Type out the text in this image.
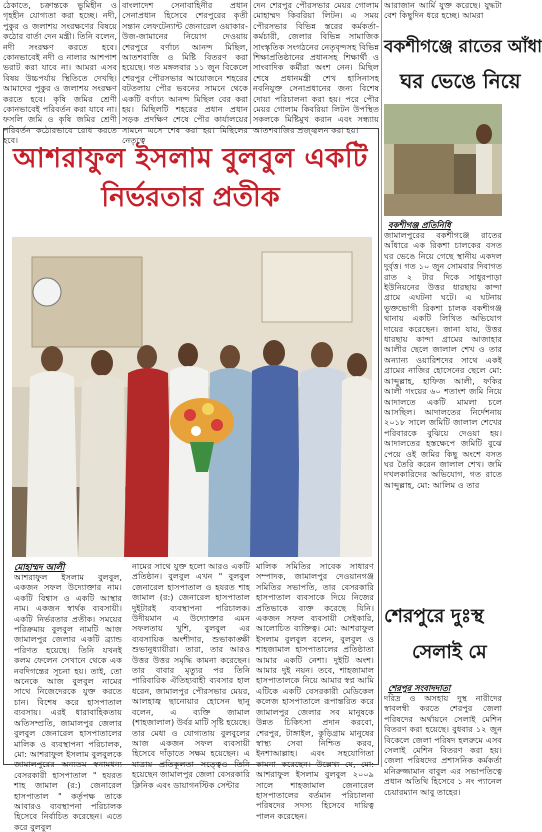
ঠেকাতে, চক্রান্তকে ভুমিহীন ও গৃহহীন যোগ্যতা করা হচ্ছে। নদী, পুকুর ও জলাশয় সংরক্ষণের বিষয়ে কঠোর বার্তা দেন মন্ত্রী। তিনি বলেন, নদী সংরক্ষণ করতে হবে। কোনভাবেই নদী ও নালার আশপাশ ভরাট করা যাবে না। আমরা এসব বিষয় উচ্চপর্যায় স্থিতিতে দেখছি। আমাদের পুকুর ও জলাশয় সংরক্ষণ করতে হবে। কৃষি জমির শ্রেণী কোনভাবেই পরিবর্তন করা যাবে না। ফসলি জমি ও কৃষি জমির শ্রেণী পরিবর্তন কঠোরভাবে রোধ করতে হবে।
বাংলাদেশ সেনাবাহিনীর প্রধান সেনাপ্রধান হিসেবে শেরপুরের কৃতী সন্তান লেফটেন্যান্ট জেনারেল ওয়াকার-উজ-জামানের নিয়োগ দেওয়ায় শেরপুরে বর্ণাঢ্য আনন্দ মিছিল, আতশবাজি ও মিষ্টি বিতরণ করা হয়েছে। গত মঙ্গলবার ১১ জুন বিকেলে শেরপুর পৌরসভার আয়োজনে শহরের বটতলায় পৌর ভবনের সামনে থেকে একটি বর্ণাঢ্য আনন্দ মিছিল বের করা হয়। মিছিলটি শহরের প্রধান প্রধান সড়ক প্রদক্ষিণ শেষে পৌর কার্যালয়ের সামনে এসে শেষ করা হয়। মিছিলের নেতৃত্বে
দেন শেরপুর পৌরসভার মেয়র গোলাম মোহাম্মদ কিবরিয়া লিটন। এ সময় পৌরসভার বিভিন্ন স্তরের কর্মকর্তা-কর্মচারী, জেলার বিভিন্ন সামাজিক সাংস্কৃতিক সংগঠনের নেতৃবৃন্দসহ বিভিন্ন শিক্ষাপ্রতিষ্ঠানের প্রধানসহ শিক্ষার্থী ও সাংবাদিক কর্মীরা অংশ নেন। মিছিল শেষে প্রধানমন্ত্রী শেখ হাসিনাসহ নবনিযুক্ত সেনাপ্রধানের জন্য বিশেষ দোয়া পরিচালনা করা হয়। পরে পৌর মেয়র গোলাম কিবরিয়া লিটন উপস্থিত সকলকে মিষ্টিমুখ করান এবং সন্ধ্যায় আতশবাজির প্রজ্জ্বলন করা হয়।
আশরাফুল ইসলাম বুলবুল একটি
নির্ভরতার প্রতীক
মোহাম্মদ আলী
আশরাফুল ইসলাম বুলবুল, একজন সফল উদ্যোক্তার নাম। একটি বিশ্বাস ও একটি আস্থার নাম। একজন স্বার্থক ব্যবসায়ী। একটি নির্ভরতার প্রতীক। সময়ের পরিক্রমায় বুলবুল নামটি আজ জামালপুর জেলার একটি ব্র্যান্ড পরিণত হয়েছে। তিনি যখনই কলম ফেলেন সেখানে থেকে এক নবদিগন্তের সূচনা হয়। তাই, তো অনেকে আজ বুলবুল নামের সাথে নিজেদেরকে যুক্ত করতে চান। বিশেষ করে হাসপাতাল ব্যবসায়। এরই ধারাবাহিকতায় অতিসম্প্রতি, জামালপুর জেলার বুলবুল জেনারেল হাসপাতালের মালিক ও ব্যবস্থাপনা পরিচালক, মো: আশরাফুল ইসলাম বুলবুলকে জামালপুরের অন্যতম স্বনামধন্য বেসরকারী হাসপাতাল " হযরত শাহ জামাল (র:) জেনারেল হাসপাতাল " কর্তৃপক্ষ তাকে আবারও ব্যবস্থাপনা পরিচালক হিসেবে নির্বাচিত করেছেন। এতে করে বুলবুল
নামের সাথে যুক্ত হলো আরও একটি প্রতিষ্ঠান। বুলবুল এখন " বুলবুল জেনারেল হাসপাতাল ও হযরত শাহ জামাল (র:) জেনারেল হাসপাতাল দুইটারই ব্যবস্থাপনা পরিচালক। উদীয়মান এ উদ্যোক্তার এমন সফলতায় খুশি, বুলবুল এর ব্যবসায়িক অংশীদার, শুভাকাঙ্ক্ষী শুভানুধ্যায়ীরা। তারা, তার আরও উত্তর উত্তর সমৃদ্ধি কামনা করেছেন। তার বাবার মৃত্যুর পর তিনি পারিবারিক ঐতিহ্যবাহী ব্যবসার হাল ধরেন, জামালপুর পৌরসভার মেয়র, আলহাজ্ব ছানোয়ার হোসেন ছানু বলেন, এ ব্যক্তি জামাল (শাহজালাল) উর্বর মাটি সৃষ্টি হয়েছে। তার মেধা ও যোগ্যতায় বুলবুলের আজ একজন সফল ব্যবসায়ী হিসেবে দাঁড়াতে সক্ষম হয়েছেন। এ যাত্রায় প্রতিকূলতা সত্ত্বেও তিনি হয়েছেন জামালপুর জেলা বেসরকারি ক্লিনিক এবং ডায়াগনস্টিক সেন্টার
মালিক সমিতির সাবেক সাধারণ সম্পাদক, জামালপুর দেওয়ানগঞ্জ সমিতির সভাপতি, তার বেসরকারি হাসপাতাল ব্যবসাকে দিয়ে নিজের প্রতিভাকে ব্যক্ত করেছে যিনি। একজন সফল ব্যবসায়ী সেইকারি, আলোচিত ব্যক্তিত্ব। মো: আশরাফুল ইসলাম বুলবুল বলেন, বুলবুল ও শাহজামাল হাসপাতালের প্রতিষ্ঠাতা আমার একটি নেশা। দুইটি অংশ। আমার দুই নয়ন। তবে, শাহজামাল হাসপাতালকে নিয়ে আমার স্বপ্ন আমি এটিকে একটি বেসরকারী মেডিকেল কলেজ হাসপাতালে রূপান্তরিত করে জামালপুর জেলার সব মানুষকে উন্নত চিকিৎসা প্রদান করবো, শেরপুর, টাঙ্গাইল, কুড়িগ্রাম মানুষের স্বাস্থ্য সেবা নিশ্চিত করব, ইনশাআল্লাহ। এবং সহযোগিতা কামনা করেছেন। উল্লেখ্য যে, মো: আশরাফুল ইসলাম বুলবুল ২০০৯ সালে শাহজামাল জেনারেল হাসপাতালের বর্তমান পরিচালনা পরিষদের সদস্য হিসেবে দায়িত্ব পালন করেছেন।
আরাজান আর্মি যুক্ত করেছে। যুদ্ধটা বেশ কিছুদিন ধরে হচ্ছে। আমরা
বকশীগঞ্জে রাতের আঁধা
ঘর ভেঙে নিয়ে
বকশীগঞ্জ প্রতিনিধি
জামালপুরের বকশীগঞ্জে রাতের আঁধারে এক রিকশা চালকের বসত ঘর ভেঙে নিয়ে গেছে স্থানীয় একদল দুর্বৃত্ত। গত ১০ জুন সোমবার দিবাগত রাত ২ টার দিকে সাধুরপাড়া ইউনিয়নের উত্তর ধারছায় কান্দা গ্রামে এঘটনা ঘটে। এ ঘটনায় ভুক্তভোগী রিকশা চালক বকশীগঞ্জ থানায় একটি লিখিত অভিযোগ দায়ের করেছেন। জানা যায়, উত্তর ধারছায় কান্দা গ্রামের আজাহার আলীর ছেলে জালাল শেখ ও তার অন্যান্য ওয়ারিশদের সাথে একই গ্রামের নাজির হোসেনের ছেলে মো: আব্দুল্লাহ, হাফিজ আলী, ফকির আলী গংয়ের ৬০ শতাংশ জমি নিয়ে আদালতে একটি মামলা চলে আসছিল। আদালতের নির্দেশনায় ২০১৮ সালে জমিটি জালাল শেখের পরিবারকে বুঝিয়ে দেওয়া হয়। আদালতের হস্তক্ষেপে জমিটি বুঝে পেয়ে ওই জমির কিছু অংশে বসত ঘর তৈরি করেন জালাল শেখ। জমি দখলকারিদের অভিযোগ, গত রাতে আব্দুল্লাহ, মো: আলিম ও তার
শেরপুরে দুঃস্থ
সেলাই মে
শেরপুর সংবাদদাতা
দরিদ্র ও অসহায় দুস্থ নারীদের স্বাবলম্বী করতে শেরপুর জেলা পরিষদের অর্থায়নে সেলাই মেশিন বিতরণ করা হয়েছে। বুধবার ১২ জুন বিকেলে জেলা পরিষদ হলরুমে এসব সেলাই মেশিন বিতরণ করা হয়। জেলা পরিষদের প্রশাসনিক কর্মকর্তা মনিরুজ্জামান বাবুল এর সভাপতিত্বে প্রধান অতিথি হিসেবে ১ নং প্যানেল চেয়ারম্যান আবু তাহের।
